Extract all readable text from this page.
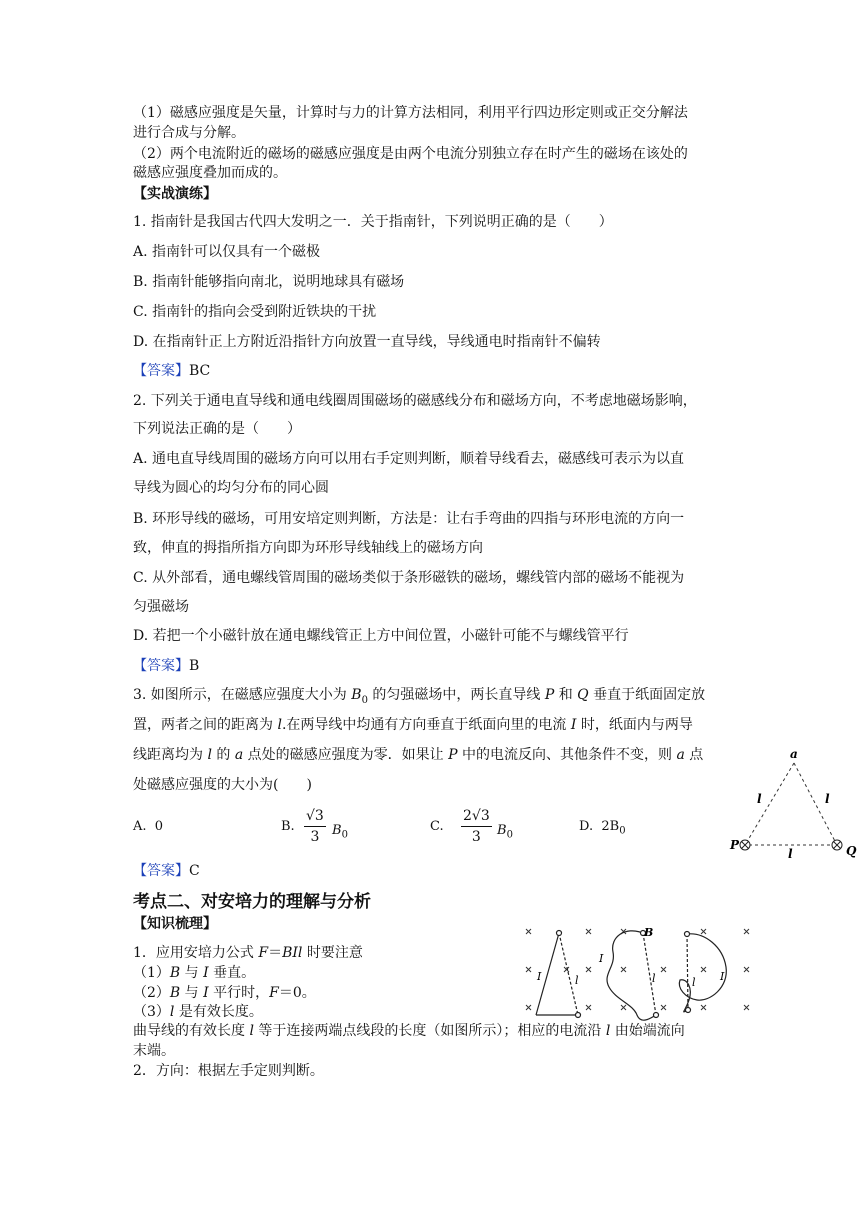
（1）磁感应强度是矢量，计算时与力的计算方法相同，利用平行四边形定则或正交分解法
进行合成与分解。
（2）两个电流附近的磁场的磁感应强度是由两个电流分别独立存在时产生的磁场在该处的
磁感应强度叠加而成的。
【实战演练】
1. 指南针是我国古代四大发明之一．关于指南针，下列说明正确的是（　　）
A. 指南针可以仅具有一个磁极
B. 指南针能够指向南北，说明地球具有磁场
C. 指南针的指向会受到附近铁块的干扰
D. 在指南针正上方附近沿指针方向放置一直导线，导线通电时指南针不偏转
【答案】BC
2. 下列关于通电直导线和通电线圈周围磁场的磁感线分布和磁场方向，不考虑地磁场影响，
下列说法正确的是（　　）
A. 通电直导线周围的磁场方向可以用右手定则判断，顺着导线看去，磁感线可表示为以直
导线为圆心的均匀分布的同心圆
B. 环形导线的磁场，可用安培定则判断，方法是：让右手弯曲的四指与环形电流的方向一
致，伸直的拇指所指方向即为环形导线轴线上的磁场方向
C. 从外部看，通电螺线管周围的磁场类似于条形磁铁的磁场，螺线管内部的磁场不能视为
匀强磁场
D. 若把一个小磁针放在通电螺线管正上方中间位置，小磁针可能不与螺线管平行
【答案】B
3. 如图所示，在磁感应强度大小为 $B_0$ 的匀强磁场中，两长直导线 P 和 Q 垂直于纸面固定放
置，两者之间的距离为 l.在两导线中均通有方向垂直于纸面向里的电流 I 时，纸面内与两导
线距离均为 l 的 a 点处的磁感应强度为零．如果让 P 中的电流反向、其他条件不变，则 a 点
处磁感应强度的大小为(　　)
A. 0	B. $\frac{√3}{3} B_0$
C. $\frac{2√3}{3} B_0$
D. $2B_0$
【答案】C
a
l	l
l
P	Q
考点二、对安培力的理解与分析
【知识梳理】
1．应用安培力公式 F＝BIl 时要注意
（1）B 与 I 垂直。
（2）B 与 I 平行时，F＝0。
（3）l 是有效长度。
曲导线的有效长度 l 等于连接两端点线段的长度（如图所示）；相应的电流沿 l 由始端流向
末端。
2．方向：根据左手定则判断。
B
I	l
I
l	l I
